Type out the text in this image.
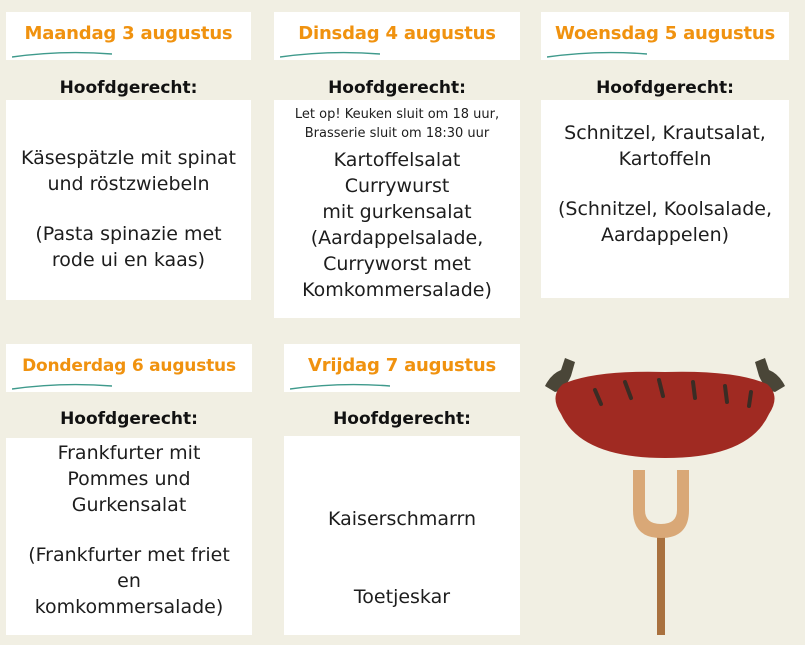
Maandag 3 augustus
Hoofdgerecht:

Käsespätzle mit spinat

und röstzwiebeln

(Pasta spinazie met

rode ui en kaas)

Dinsdag 4 augustus
Hoofdgerecht:

Let op! Keuken sluit om 18 uur,

Brasserie sluit om 18:30 uur

Kartoffelsalat

Currywurst

mit gurkensalat

(Aardappelsalade,

Curryworst met

Komkommersalade)

Woensdag 5 augustus
Hoofdgerecht:

Schnitzel, Krautsalat,

Kartoffeln

(Schnitzel, Koolsalade,

Aardappelen)

Donderdag 6 augustus
Hoofdgerecht:

Frankfurter mit

Pommes und

Gurkensalat

(Frankfurter met friet

en

komkommersalade)

Vrijdag 7 augustus
Hoofdgerecht:

Kaiserschmarrn

Toetjeskar
